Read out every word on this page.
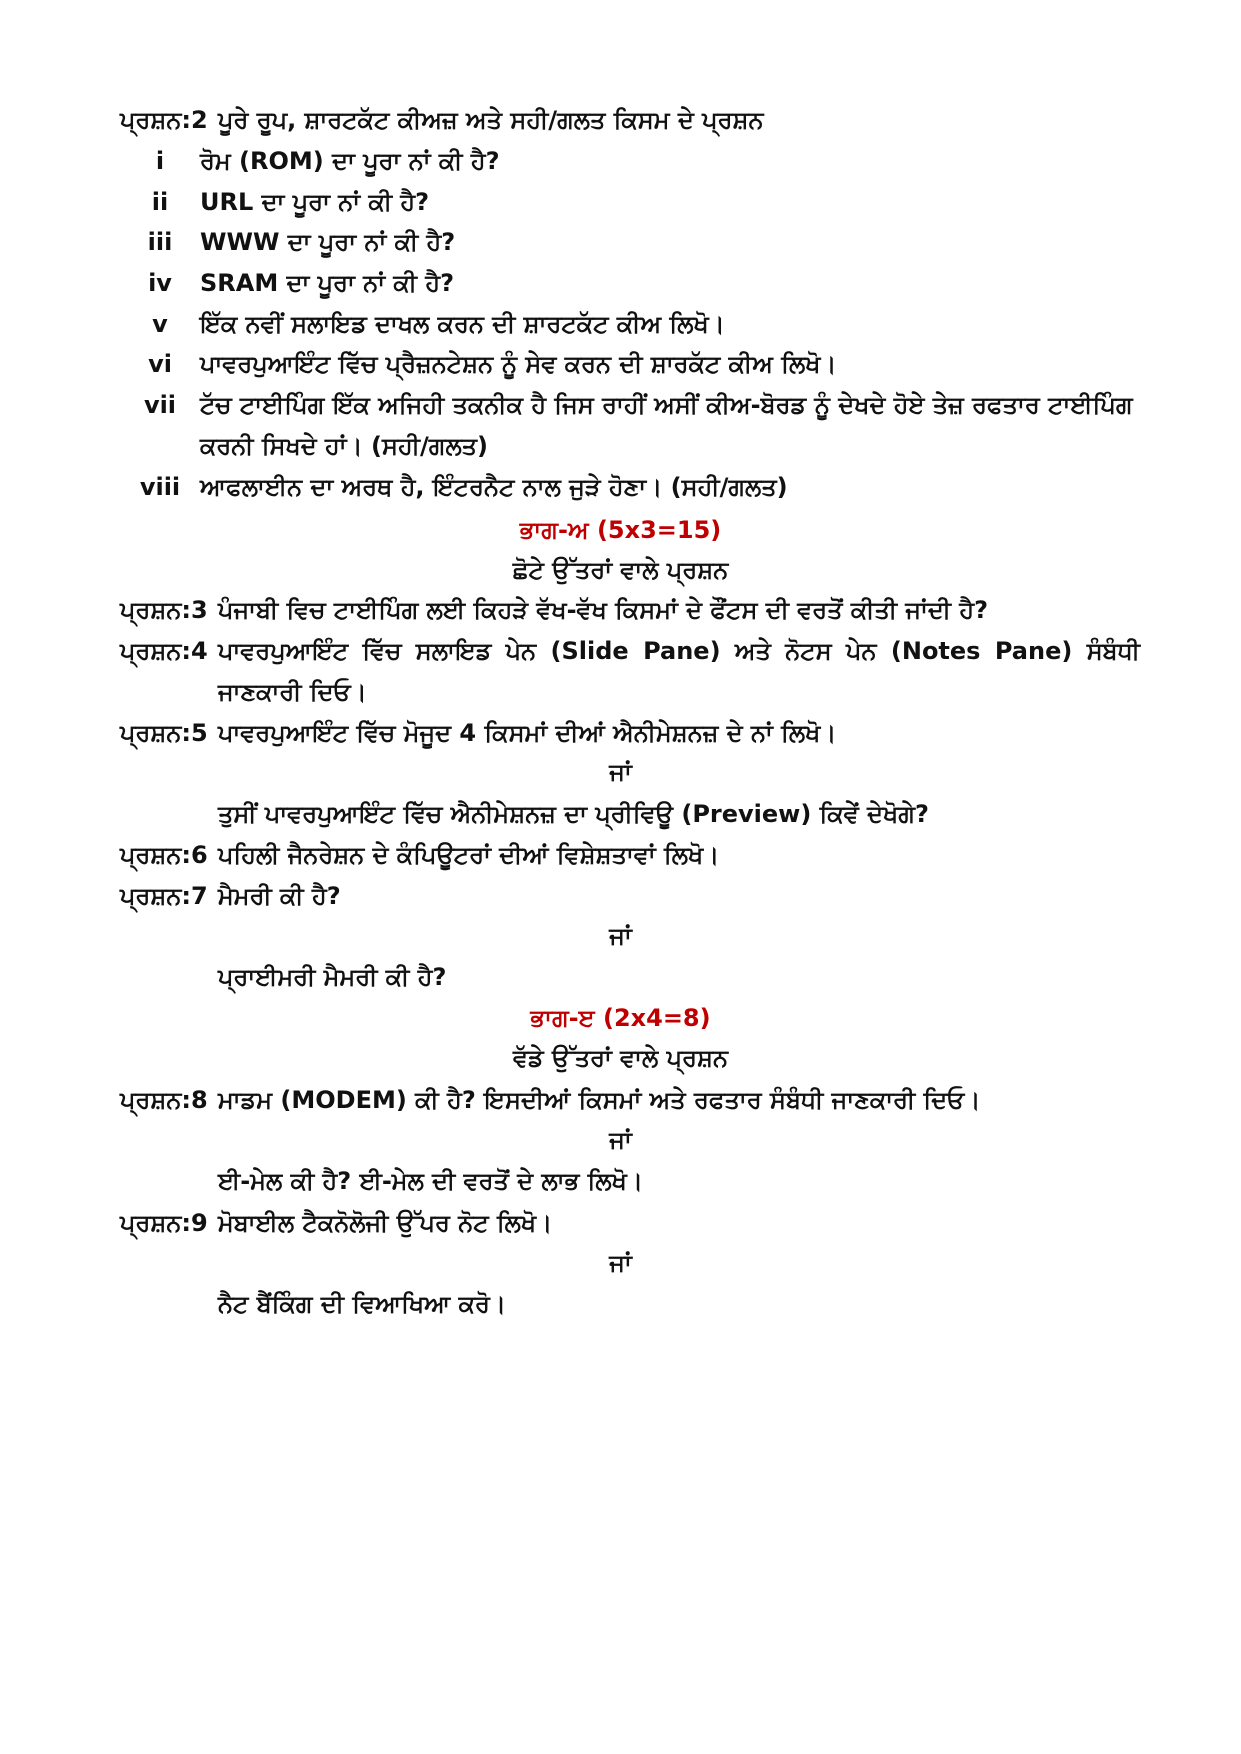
ਪ੍ਰਸ਼ਨ:2 ਪੂਰੇ ਰੂਪ, ਸ਼ਾਰਟਕੱਟ ਕੀਅਜ਼ ਅਤੇ ਸਹੀ/ਗਲਤ ਕਿਸਮ ਦੇ ਪ੍ਰਸ਼ਨ
i	ਰੋਮ (ROM) ਦਾ ਪੂਰਾ ਨਾਂ ਕੀ ਹੈ?
ii	URL ਦਾ ਪੂਰਾ ਨਾਂ ਕੀ ਹੈ?
iii	WWW ਦਾ ਪੂਰਾ ਨਾਂ ਕੀ ਹੈ?
iv	SRAM ਦਾ ਪੂਰਾ ਨਾਂ ਕੀ ਹੈ?
v	ਇੱਕ ਨਵੀਂ ਸਲਾਇਡ ਦਾਖਲ ਕਰਨ ਦੀ ਸ਼ਾਰਟਕੱਟ ਕੀਅ ਲਿਖੋ।
vi	ਪਾਵਰਪੁਆਇੰਟ ਵਿੱਚ ਪ੍ਰੈਜ਼ਨਟੇਸ਼ਨ ਨੂੰ ਸੇਵ ਕਰਨ ਦੀ ਸ਼ਾਰਕੱਟ ਕੀਅ ਲਿਖੋ।
vii ਟੱਚ ਟਾਈਪਿੰਗ ਇੱਕ ਅਜਿਹੀ ਤਕਨੀਕ ਹੈ ਜਿਸ ਰਾਹੀਂ ਅਸੀਂ ਕੀਅ-ਬੋਰਡ ਨੂੰ ਦੇਖਦੇ ਹੋਏ ਤੇਜ਼ ਰਫਤਾਰ ਟਾਈਪਿੰਗ ਕਰਨੀ ਸਿਖਦੇ ਹਾਂ। (ਸਹੀ/ਗਲਤ)
viii ਆਫਲਾਈਨ ਦਾ ਅਰਥ ਹੈ, ਇੰਟਰਨੈਟ ਨਾਲ ਜੁੜੇ ਹੋਣਾ। (ਸਹੀ/ਗਲਤ)
ਭਾਗ-ਅ (5x3=15)
ਛੋਟੇ ਉੱਤਰਾਂ ਵਾਲੇ ਪ੍ਰਸ਼ਨ
ਪ੍ਰਸ਼ਨ:3 ਪੰਜਾਬੀ ਵਿਚ ਟਾਈਪਿੰਗ ਲਈ ਕਿਹੜੇ ਵੱਖ-ਵੱਖ ਕਿਸਮਾਂ ਦੇ ਫੌਂਟਸ ਦੀ ਵਰਤੋਂ ਕੀਤੀ ਜਾਂਦੀ ਹੈ?
ਪ੍ਰਸ਼ਨ:4 ਪਾਵਰਪੁਆਇੰਟ ਵਿੱਚ ਸਲਾਇਡ ਪੇਨ (Slide Pane) ਅਤੇ ਨੋਟਸ ਪੇਨ (Notes Pane) ਸੰਬੰਧੀ ਜਾਣਕਾਰੀ ਦਿਓ।
ਪ੍ਰਸ਼ਨ:5 ਪਾਵਰਪੁਆਇੰਟ ਵਿੱਚ ਮੋਜੂਦ 4 ਕਿਸਮਾਂ ਦੀਆਂ ਐਨੀਮੇਸ਼ਨਜ਼ ਦੇ ਨਾਂ ਲਿਖੋ।
ਜਾਂ
ਤੁਸੀਂ ਪਾਵਰਪੁਆਇੰਟ ਵਿੱਚ ਐਨੀਮੇਸ਼ਨਜ਼ ਦਾ ਪ੍ਰੀਵਿਊ (Preview) ਕਿਵੇਂ ਦੇਖੋਗੇ?
ਪ੍ਰਸ਼ਨ:6 ਪਹਿਲੀ ਜੈਨਰੇਸ਼ਨ ਦੇ ਕੰਪਿਊਟਰਾਂ ਦੀਆਂ ਵਿਸ਼ੇਸ਼ਤਾਵਾਂ ਲਿਖੋ।
ਪ੍ਰਸ਼ਨ:7 ਮੈਮਰੀ ਕੀ ਹੈ?
ਜਾਂ
ਪ੍ਰਾਈਮਰੀ ਮੈਮਰੀ ਕੀ ਹੈ?
ਭਾਗ-ੲ (2x4=8)
ਵੱਡੇ ਉੱਤਰਾਂ ਵਾਲੇ ਪ੍ਰਸ਼ਨ
ਪ੍ਰਸ਼ਨ:8 ਮਾਡਮ (MODEM) ਕੀ ਹੈ? ਇਸਦੀਆਂ ਕਿਸਮਾਂ ਅਤੇ ਰਫਤਾਰ ਸੰਬੰਧੀ ਜਾਣਕਾਰੀ ਦਿਓ।
ਜਾਂ
ਈ-ਮੇਲ ਕੀ ਹੈ? ਈ-ਮੇਲ ਦੀ ਵਰਤੋਂ ਦੇ ਲਾਭ ਲਿਖੋ।
ਪ੍ਰਸ਼ਨ:9 ਮੋਬਾਈਲ ਟੈਕਨੋਲੋਜੀ ਉੱਪਰ ਨੋਟ ਲਿਖੋ।
ਜਾਂ
ਨੈਟ ਬੈਂਕਿੰਗ ਦੀ ਵਿਆਖਿਆ ਕਰੋ।
